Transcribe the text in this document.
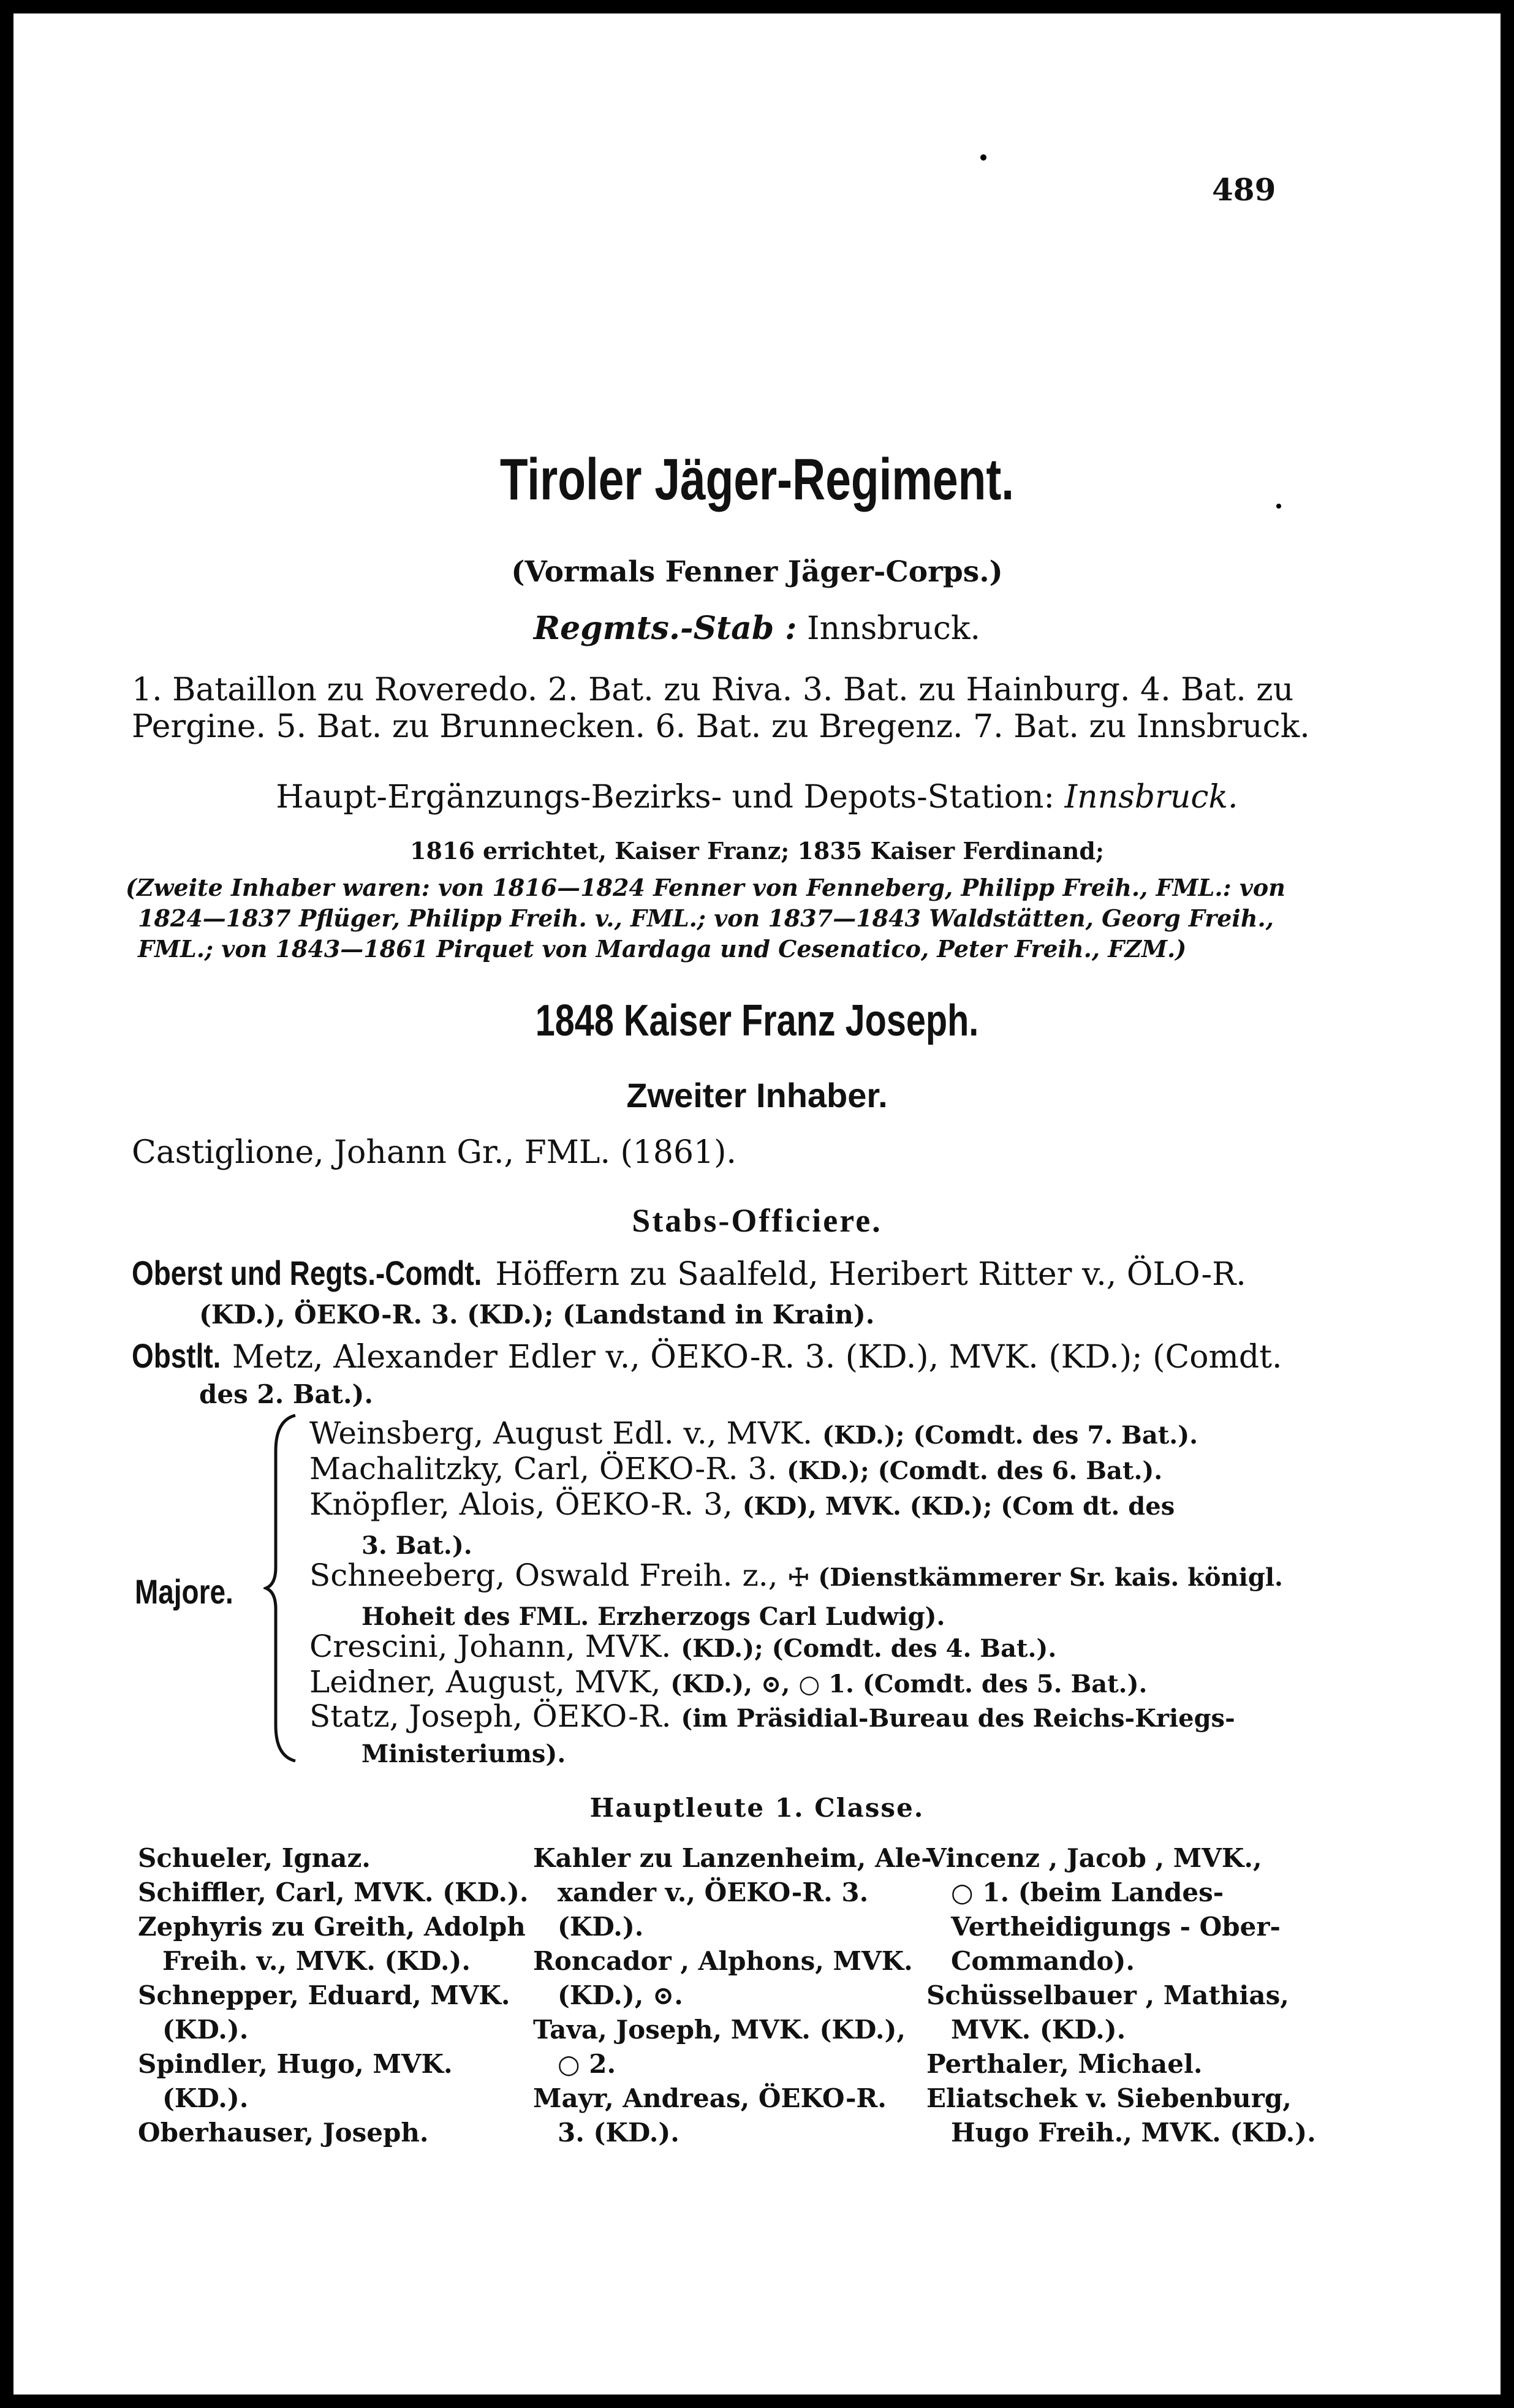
489
Tiroler Jäger-Regiment.
(Vormals Fenner Jäger-Corps.)
Regmts.-Stab : Innsbruck.
1. Bataillon zu Roveredo. 2. Bat. zu Riva. 3. Bat. zu Hainburg. 4. Bat. zu
Pergine. 5. Bat. zu Brunnecken. 6. Bat. zu Bregenz. 7. Bat. zu Innsbruck.
Haupt-Ergänzungs-Bezirks- und Depots-Station: Innsbruck.
1816 errichtet, Kaiser Franz; 1835 Kaiser Ferdinand;
(Zweite Inhaber waren: von 1816—1824 Fenner von Fenneberg, Philipp Freih., FML.: von
1824—1837 Pflüger, Philipp Freih. v., FML.; von 1837—1843 Waldstätten, Georg Freih.,
FML.; von 1843—1861 Pirquet von Mardaga und Cesenatico, Peter Freih., FZM.)
1848 Kaiser Franz Joseph.
Zweiter Inhaber.
Castiglione, Johann Gr., FML. (1861).
Stabs-Officiere.
Oberst und Regts.-Comdt. Höffern zu Saalfeld, Heribert Ritter v., ÖLO-R.
(KD.), ÖEKO-R. 3. (KD.); (Landstand in Krain).
Obstlt. Metz, Alexander Edler v., ÖEKO-R. 3. (KD.), MVK. (KD.); (Comdt.
des 2. Bat.).
Majore.
Weinsberg, August Edl. v., MVK. (KD.); (Comdt. des 7. Bat.).
Machalitzky, Carl, ÖEKO-R. 3. (KD.); (Comdt. des 6. Bat.).
Knöpfler, Alois, ÖEKO-R. 3, (KD), MVK. (KD.); (Com dt. des
3. Bat.).
Schneeberg, Oswald Freih. z., ☩ (Dienstkämmerer Sr. kais. königl.
Hoheit des FML. Erzherzogs Carl Ludwig).
Crescini, Johann, MVK. (KD.); (Comdt. des 4. Bat.).
Leidner, August, MVK, (KD.), ⊙, ○ 1. (Comdt. des 5. Bat.).
Statz, Joseph, ÖEKO-R. (im Präsidial-Bureau des Reichs-Kriegs-
Ministeriums).
Hauptleute 1. Classe.
Schueler, Ignaz.
Schiffler, Carl, MVK. (KD.).
Zephyris zu Greith, Adolph
Freih. v., MVK. (KD.).
Schnepper, Eduard, MVK.
(KD.).
Spindler, Hugo, MVK.
(KD.).
Oberhauser, Joseph.
Kahler zu Lanzenheim, Ale-
xander v., ÖEKO-R. 3.
(KD.).
Roncador , Alphons, MVK.
(KD.), ⊙.
Tava, Joseph, MVK. (KD.),
○ 2.
Mayr, Andreas, ÖEKO-R.
3. (KD.).
Vincenz , Jacob , MVK.,
○ 1. (beim Landes-
Vertheidigungs - Ober-
Commando).
Schüsselbauer , Mathias,
MVK. (KD.).
Perthaler, Michael.
Eliatschek v. Siebenburg,
Hugo Freih., MVK. (KD.).
